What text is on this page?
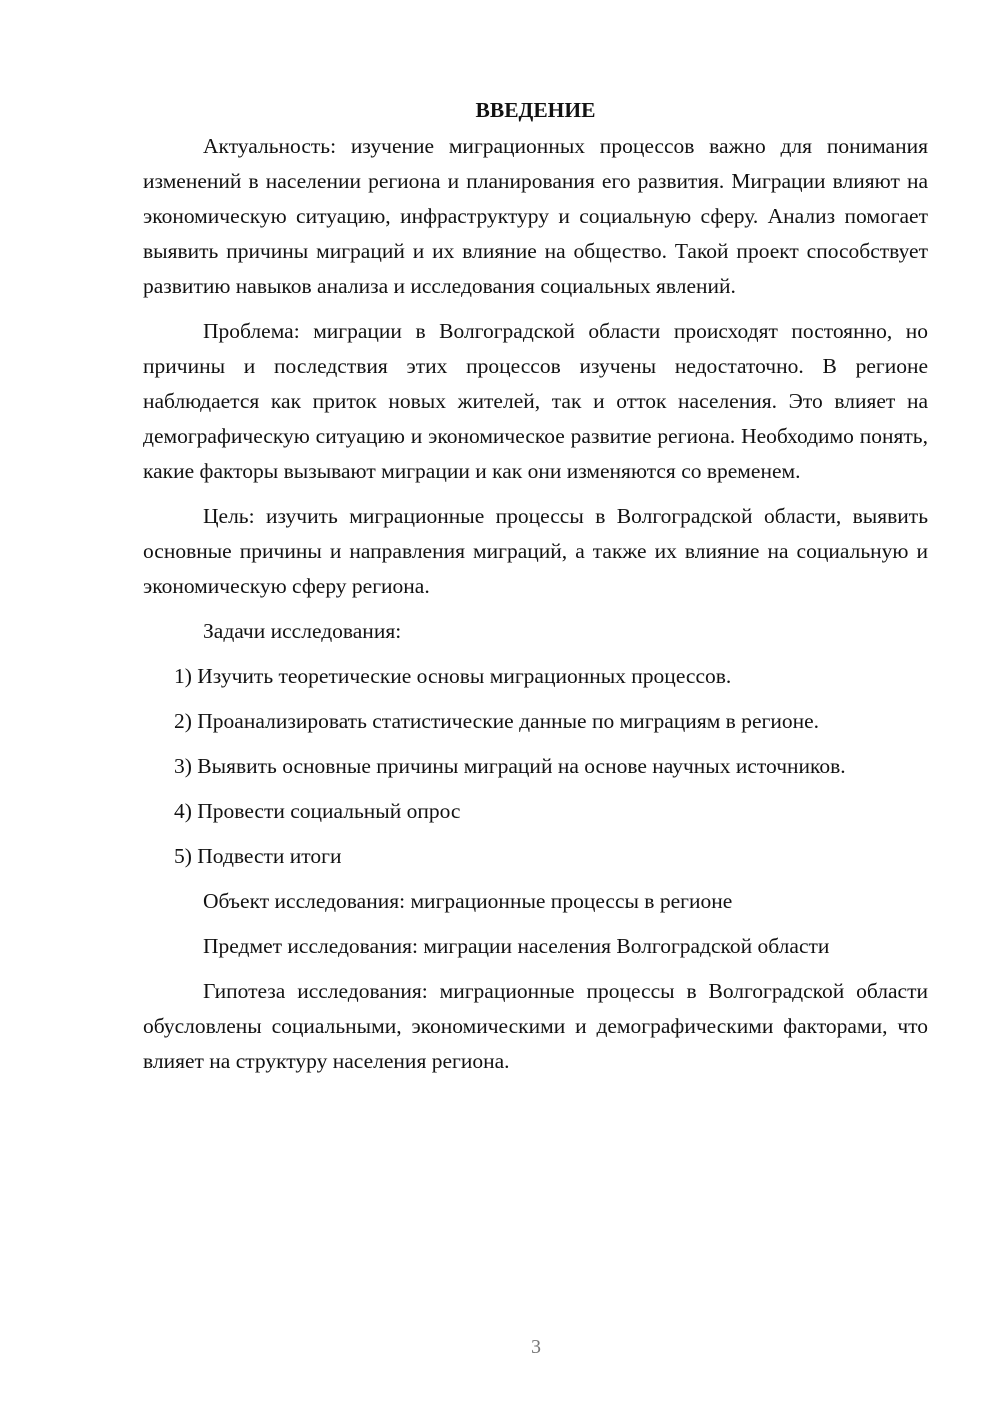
ВВЕДЕНИЕ

Актуальность: изучение миграционных процессов важно для понимания изменений в населении региона и планирования его развития. Миграции влияют на экономическую ситуацию, инфраструктуру и социальную сферу. Анализ помогает выявить причины миграций и их влияние на общество. Такой проект способствует развитию навыков анализа и исследования социальных явлений.

Проблема: миграции в Волгоградской области происходят постоянно, но причины и последствия этих процессов изучены недостаточно. В регионе наблюдается как приток новых жителей, так и отток населения. Это влияет на демографическую ситуацию и экономическое развитие региона. Необходимо понять, какие факторы вызывают миграции и как они изменяются со временем.

Цель: изучить миграционные процессы в Волгоградской области, выявить основные причины и направления миграций, а также их влияние на социальную и экономическую сферу региона.

Задачи исследования:

1) Изучить теоретические основы миграционных процессов.

2) Проанализировать статистические данные по миграциям в регионе.

3) Выявить основные причины миграций на основе научных источников.

4) Провести социальный опрос

5) Подвести итоги

Объект исследования: миграционные процессы в регионе

Предмет исследования: миграции населения Волгоградской области

Гипотеза исследования: миграционные процессы в Волгоградской области обусловлены социальными, экономическими и демографическими факторами, что влияет на структуру населения региона.

3
